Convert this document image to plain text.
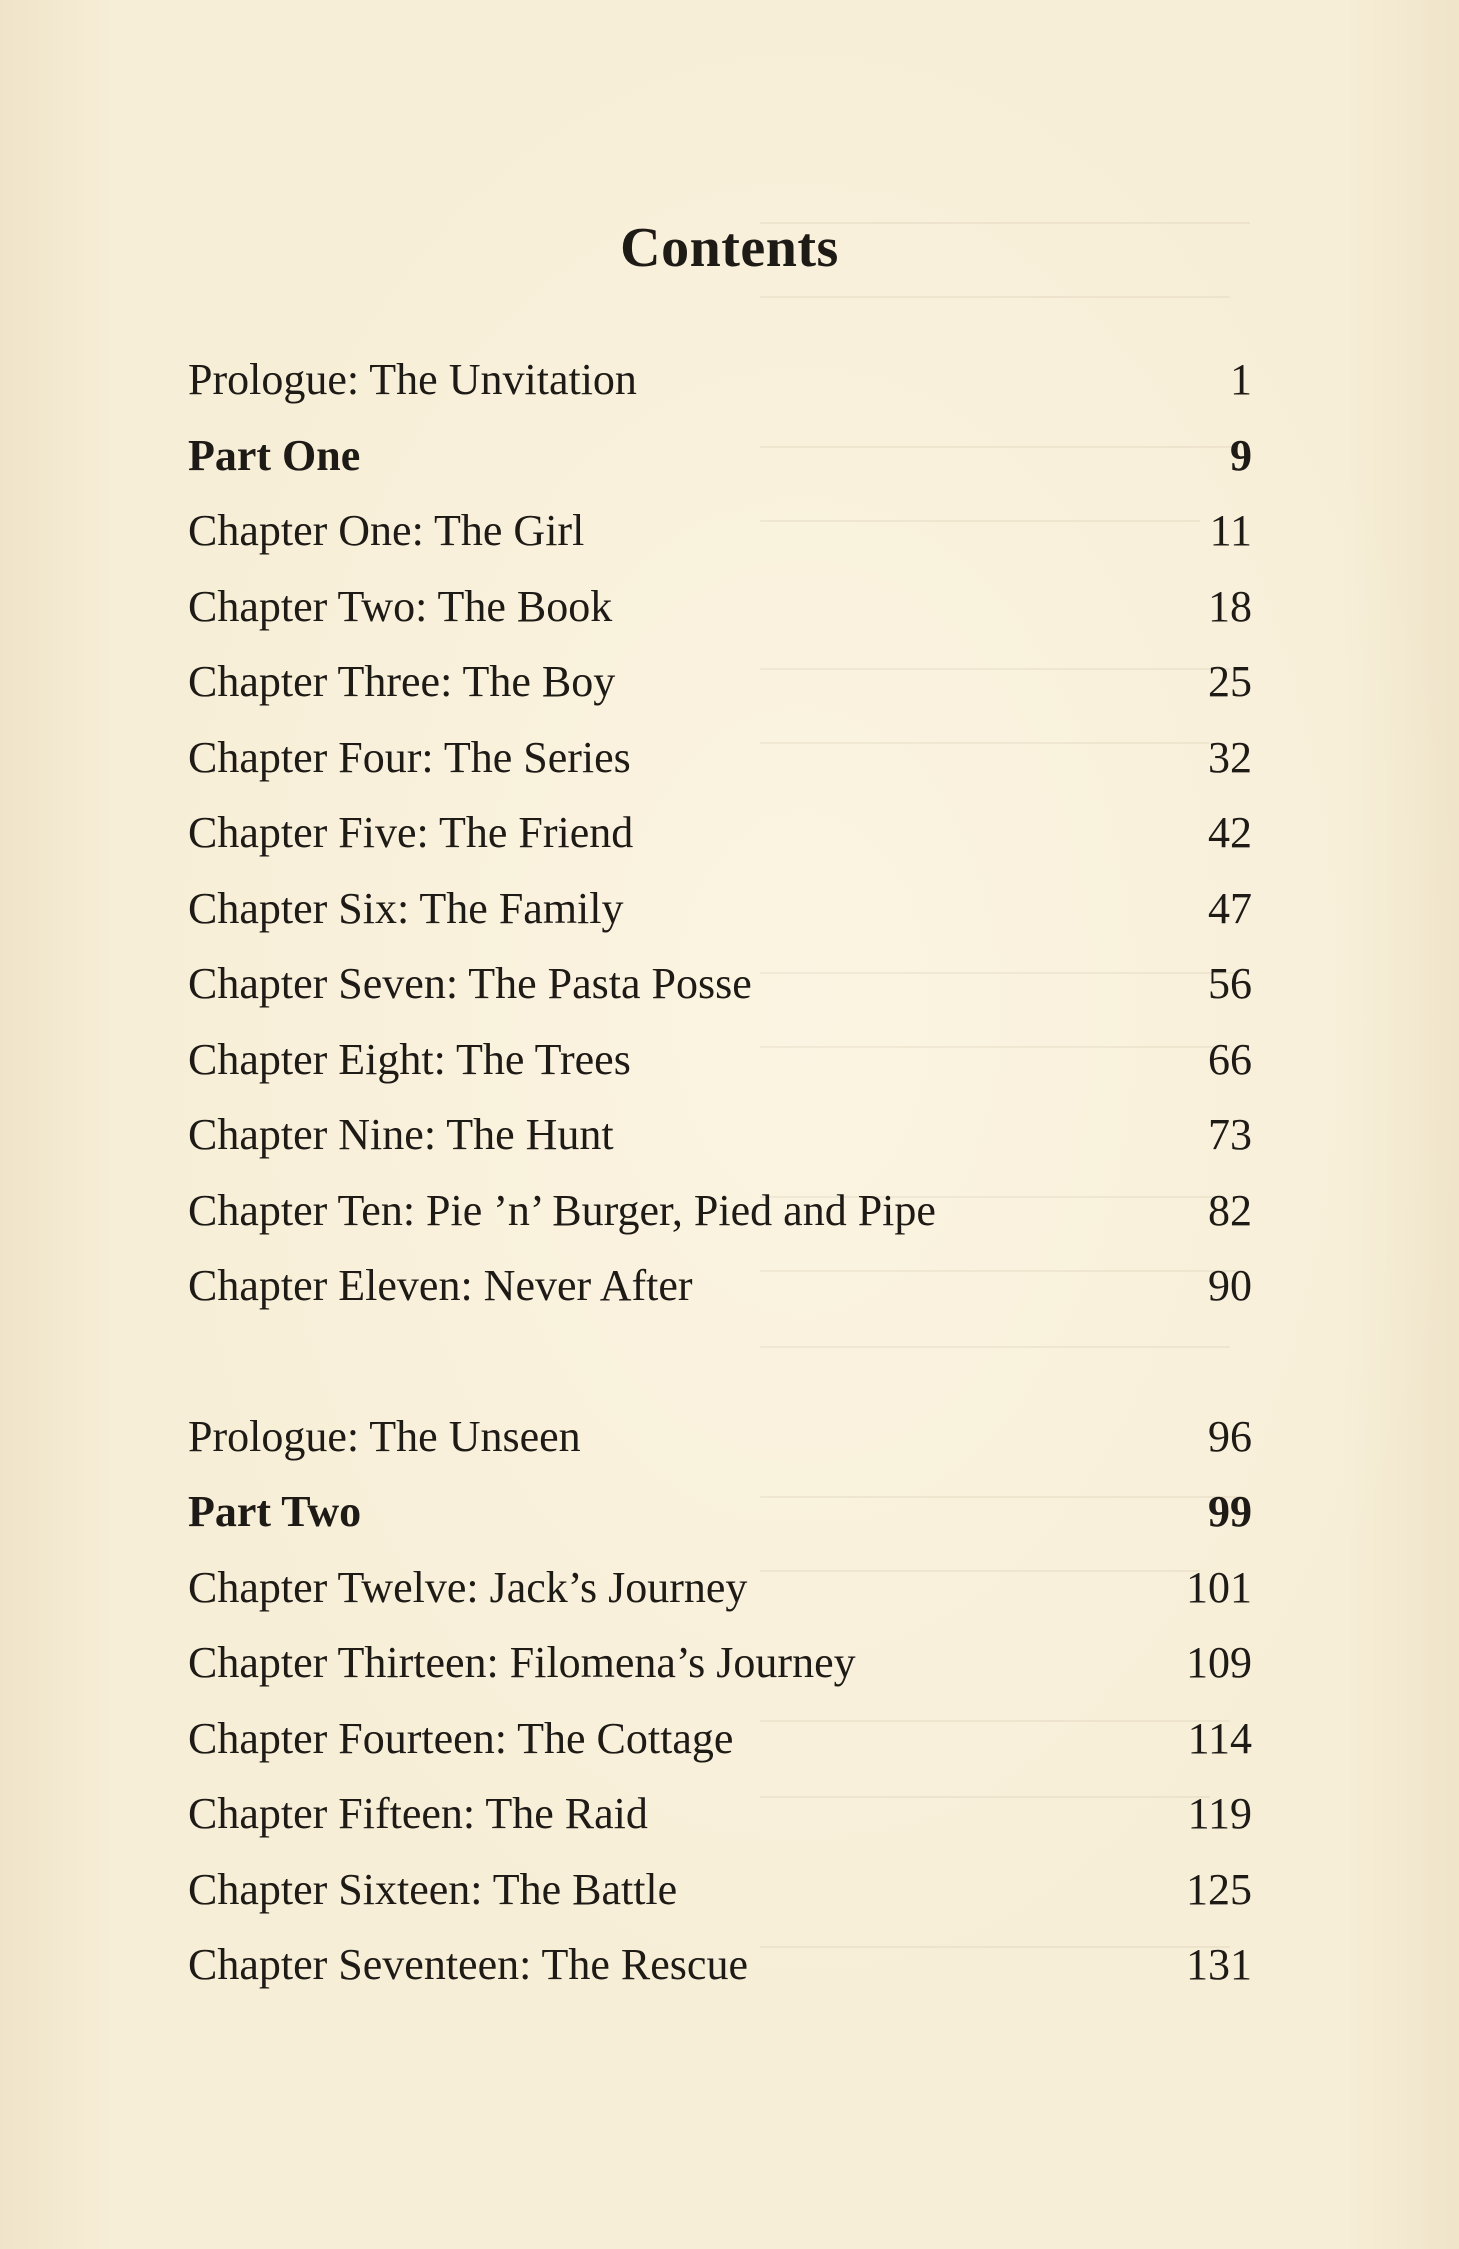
Contents
Prologue: The Unvitation	1
Part One	9
Chapter One: The Girl	11
Chapter Two: The Book	18
Chapter Three: The Boy	25
Chapter Four: The Series	32
Chapter Five: The Friend	42
Chapter Six: The Family	47
Chapter Seven: The Pasta Posse	56
Chapter Eight: The Trees	66
Chapter Nine: The Hunt	73
Chapter Ten: Pie ’n’ Burger, Pied and Pipe	82
Chapter Eleven: Never After	90
Prologue: The Unseen	96
Part Two	99
Chapter Twelve: Jack’s Journey	101
Chapter Thirteen: Filomena’s Journey	109
Chapter Fourteen: The Cottage	114
Chapter Fifteen: The Raid	119
Chapter Sixteen: The Battle	125
Chapter Seventeen: The Rescue	131
